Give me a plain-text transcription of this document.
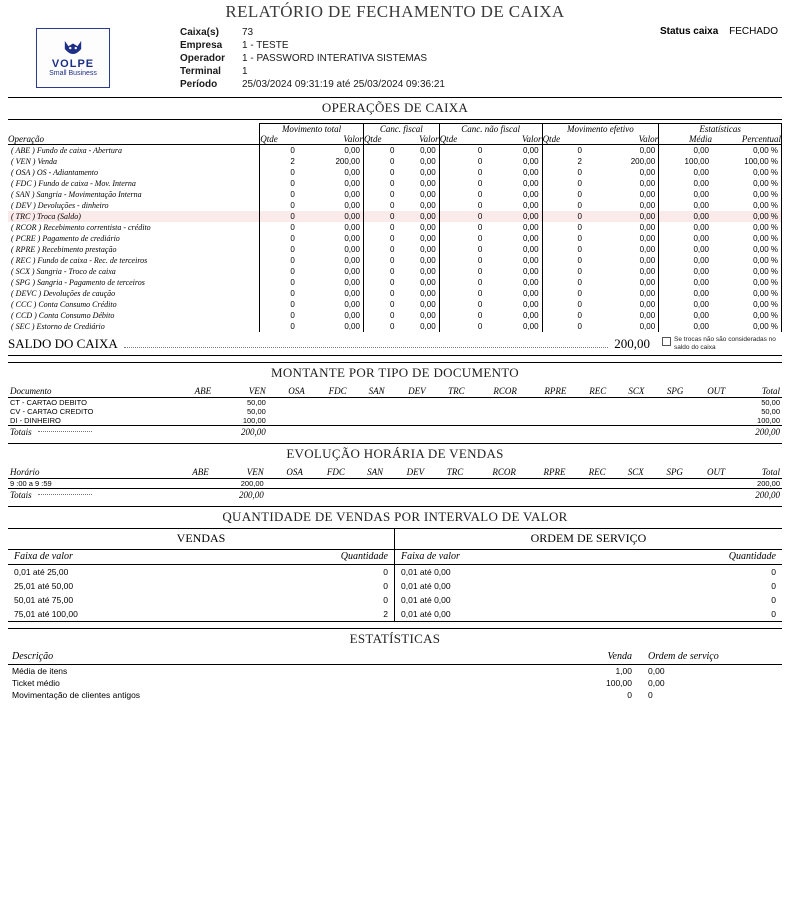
RELATÓRIO DE FECHAMENTO DE CAIXA
VOLPE
Small Business
Caixa(s)	73
Empresa	1 - TESTE
Operador	1 - PASSWORD INTERATIVA SISTEMAS
Terminal	1
Período	25/03/2024 09:31:19 até 25/03/2024 09:36:21
Status caixa FECHADO
OPERAÇÕES DE CAIXA
	Movimento total		Canc. fiscal		Canc. não fiscal		Movimento efetivo		Estatísticas	
Operação	Qtde	Valor	Qtde	Valor	Qtde	Valor	Qtde	Valor	Média	Percentual
( ABE ) Fundo de caixa - Abertura	0	0,00	0	0,00	0	0,00	0	0,00	0,00	0,00 %
( VEN ) Venda	2	200,00	0	0,00	0	0,00	2	200,00	100,00	100,00 %
( OSA ) OS - Adiantamento	0	0,00	0	0,00	0	0,00	0	0,00	0,00	0,00 %
( FDC ) Fundo de caixa - Mov. Interna	0	0,00	0	0,00	0	0,00	0	0,00	0,00	0,00 %
( SAN ) Sangria - Movimentação Interna	0	0,00	0	0,00	0	0,00	0	0,00	0,00	0,00 %
( DEV ) Devoluções - dinheiro	0	0,00	0	0,00	0	0,00	0	0,00	0,00	0,00 %
( TRC ) Troca (Saldo)	0	0,00	0	0,00	0	0,00	0	0,00	0,00	0,00 %
( RCOR ) Recebimento correntista - crédito	0	0,00	0	0,00	0	0,00	0	0,00	0,00	0,00 %
( PCRE ) Pagamento de crediário	0	0,00	0	0,00	0	0,00	0	0,00	0,00	0,00 %
( RPRE ) Recebimento prestação	0	0,00	0	0,00	0	0,00	0	0,00	0,00	0,00 %
( REC ) Fundo de caixa - Rec. de terceiros	0	0,00	0	0,00	0	0,00	0	0,00	0,00	0,00 %
( SCX ) Sangria - Troco de caixa	0	0,00	0	0,00	0	0,00	0	0,00	0,00	0,00 %
( SPG ) Sangria - Pagamento de terceiros	0	0,00	0	0,00	0	0,00	0	0,00	0,00	0,00 %
( DEVC ) Devoluções de caução	0	0,00	0	0,00	0	0,00	0	0,00	0,00	0,00 %
( CCC ) Conta Consumo Crédito	0	0,00	0	0,00	0	0,00	0	0,00	0,00	0,00 %
( CCD ) Conta Consumo Débito	0	0,00	0	0,00	0	0,00	0	0,00	0,00	0,00 %
( SEC ) Estorno de Crediário	0	0,00	0	0,00	0	0,00	0	0,00	0,00	0,00 %
SALDO DO CAIXA	200,00	Se trocas não são consideradas no saldo do caixa
MONTANTE POR TIPO DE DOCUMENTO
Documento	ABE	VEN	OSA	FDC	SAN	DEV	TRC	RCOR	RPRE	REC	SCX	SPG	OUT	Total
CT - CARTAO DEBITO		50,00												50,00
CV - CARTAO CREDITO		50,00												50,00
DI - DINHEIRO		100,00												100,00
Totais		200,00												200,00
EVOLUÇÃO HORÁRIA DE VENDAS
Horário	ABE	VEN	OSA	FDC	SAN	DEV	TRC	RCOR	RPRE	REC	SCX	SPG	OUT	Total
9 :00 a 9 :59		200,00												200,00
Totais		200,00												200,00
QUANTIDADE DE VENDAS POR INTERVALO DE VALOR
VENDAS
Faixa de valor	Quantidade
0,01 até 25,00	0
25,01 até 50,00	0
50,01 até 75,00	0
75,01 até 100,00	2
ORDEM DE SERVIÇO
Faixa de valor	Quantidade
0,01 até 0,00	0
0,01 até 0,00	0
0,01 até 0,00	0
0,01 até 0,00	0
ESTATÍSTICAS
Descrição	Venda	Ordem de serviço
Média de itens	1,00	0,00
Ticket médio	100,00	0,00
Movimentação de clientes antigos	0	0
